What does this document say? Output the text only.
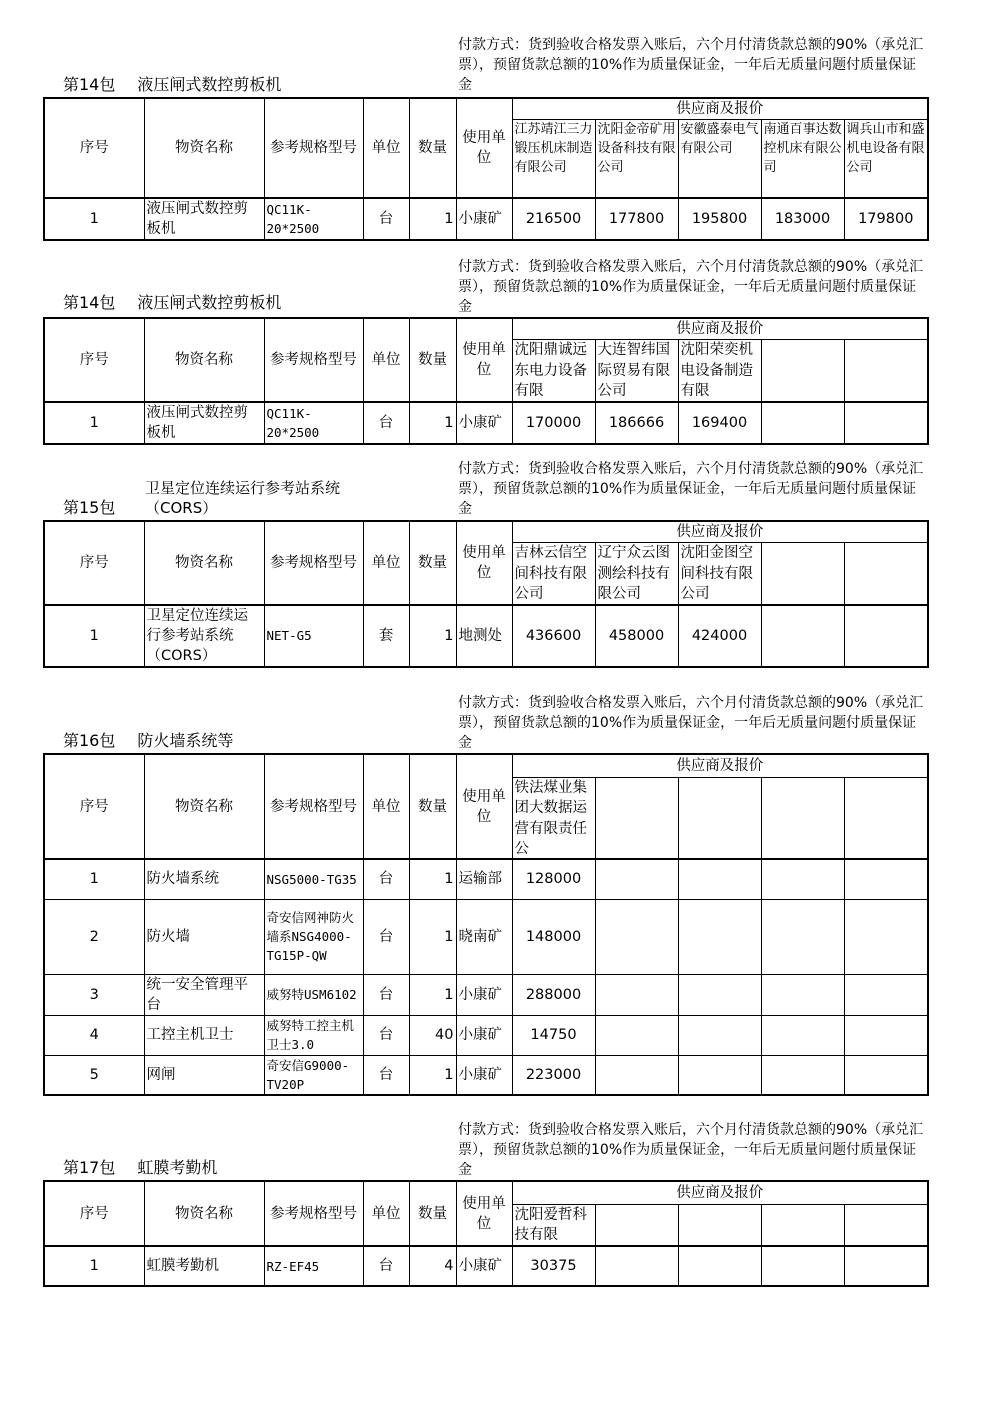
付款方式：货到验收合格发票入账后，六个月付清货款总额的90%（承兑汇票），预留货款总额的10%作为质量保证金，一年后无质量问题付质量保证金
第14包 液压闸式数控剪板机
序号	物资名称	参考规格型号	单位	数量	使用单位	供应商及报价				

						江苏靖江三力锻压机床制造有限公司	沈阳金帝矿用设备科技有限公司	安徽盛泰电气有限公司	南通百事达数控机床有限公司	调兵山市和盛机电设备有限公司

1	液压闸式数控剪板机	QC11K-20*2500	台	1	小康矿	216500	177800	195800	183000	179800
付款方式：货到验收合格发票入账后，六个月付清货款总额的90%（承兑汇票），预留货款总额的10%作为质量保证金，一年后无质量问题付质量保证金
第14包 液压闸式数控剪板机
序号	物资名称	参考规格型号	单位	数量	使用单位	供应商及报价				

						沈阳鼎诚远东电力设备有限	大连智纬国际贸易有限公司	沈阳荣奕机电设备制造有限		

1	液压闸式数控剪板机	QC11K-20*2500	台	1	小康矿	170000	186666	169400		
付款方式：货到验收合格发票入账后，六个月付清货款总额的90%（承兑汇票），预留货款总额的10%作为质量保证金，一年后无质量问题付质量保证金
第15包
卫星定位连续运行参考站系统（CORS）
序号	物资名称	参考规格型号	单位	数量	使用单位	供应商及报价				

						吉林云信空间科技有限公司	辽宁众云图测绘科技有限公司	沈阳金图空间科技有限公司		

1	卫星定位连续运行参考站系统（CORS）	NET-G5	套	1	地测处	436600	458000	424000		
付款方式：货到验收合格发票入账后，六个月付清货款总额的90%（承兑汇票），预留货款总额的10%作为质量保证金，一年后无质量问题付质量保证金
第16包 防火墙系统等
序号	物资名称	参考规格型号	单位	数量	使用单位	供应商及报价				

						铁法煤业集团大数据运营有限责任公				

1	防火墙系统	NSG5000-TG35	台	1	运输部	128000				
2	防火墙	奇安信网神防火墙系NSG4000-TG15P-QW	台	1	晓南矿	148000				
3	统一安全管理平台	威努特USM6102	台	1	小康矿	288000				
4	工控主机卫士	威努特工控主机卫士3.0	台	40	小康矿	14750				
5	网闸	奇安信G9000-TV20P	台	1	小康矿	223000				
付款方式：货到验收合格发票入账后，六个月付清货款总额的90%（承兑汇票），预留货款总额的10%作为质量保证金，一年后无质量问题付质量保证金
第17包 虹膜考勤机
序号	物资名称	参考规格型号	单位	数量	使用单位	供应商及报价				

						沈阳爱哲科技有限				

1	虹膜考勤机	RZ-EF45	台	4	小康矿	30375				
